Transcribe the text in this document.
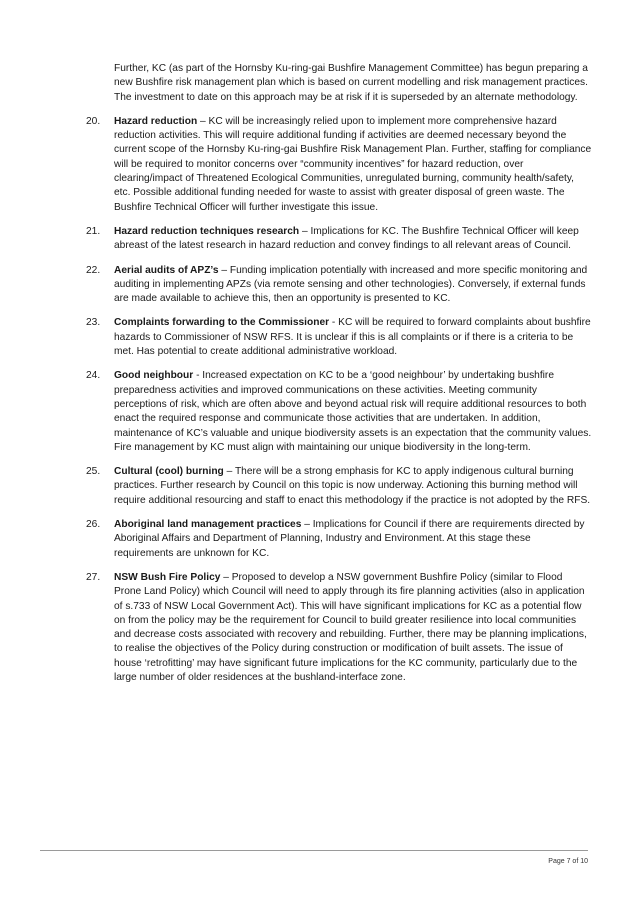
Further, KC (as part of the Hornsby Ku-ring-gai Bushfire Management Committee) has begun preparing a new Bushfire risk management plan which is based on current modelling and risk management practices. The investment to date on this approach may be at risk if it is superseded by an alternate methodology.

20.	Hazard reduction – KC will be increasingly relied upon to implement more comprehensive hazard reduction activities. This will require additional funding if activities are deemed necessary beyond the current scope of the Hornsby Ku-ring-gai Bushfire Risk Management Plan. Further, staffing for compliance will be required to monitor concerns over “community incentives” for hazard reduction, over clearing/impact of Threatened Ecological Communities, unregulated burning, community health/safety, etc. Possible additional funding needed for waste to assist with greater disposal of green waste. The Bushfire Technical Officer will further investigate this issue.
21.	Hazard reduction techniques research – Implications for KC. The Bushfire Technical Officer will keep abreast of the latest research in hazard reduction and convey findings to all relevant areas of Council.
22.	Aerial audits of APZ’s – Funding implication potentially with increased and more specific monitoring and auditing in implementing APZs (via remote sensing and other technologies). Conversely, if external funds are made available to achieve this, then an opportunity is presented to KC.
23.	Complaints forwarding to the Commissioner - KC will be required to forward complaints about bushfire hazards to Commissioner of NSW RFS. It is unclear if this is all complaints or if there is a criteria to be met. Has potential to create additional administrative workload.
24.	Good neighbour - Increased expectation on KC to be a ‘good neighbour’ by undertaking bushfire preparedness activities and improved communications on these activities. Meeting community perceptions of risk, which are often above and beyond actual risk will require additional resources to both enact the required response and communicate those activities that are undertaken. In addition, maintenance of KC’s valuable and unique biodiversity assets is an expectation that the community values. Fire management by KC must align with maintaining our unique biodiversity in the long-term.
25.	Cultural (cool) burning – There will be a strong emphasis for KC to apply indigenous cultural burning practices. Further research by Council on this topic is now underway. Actioning this burning method will require additional resourcing and staff to enact this methodology if the practice is not adopted by the RFS.
26.	Aboriginal land management practices – Implications for Council if there are requirements directed by Aboriginal Affairs and Department of Planning, Industry and Environment. At this stage these requirements are unknown for KC.
27.	NSW Bush Fire Policy – Proposed to develop a NSW government Bushfire Policy (similar to Flood Prone Land Policy) which Council will need to apply through its fire planning activities (also in application of s.733 of NSW Local Government Act). This will have significant implications for KC as a potential flow on from the policy may be the requirement for Council to build greater resilience into local communities and decrease costs associated with recovery and rebuilding. Further, there may be planning implications, to realise the objectives of the Policy during construction or modification of built assets. The issue of house ‘retrofitting’ may have significant future implications for the KC community, particularly due to the large number of older residences at the bushland-interface zone.
Page 7 of 10
